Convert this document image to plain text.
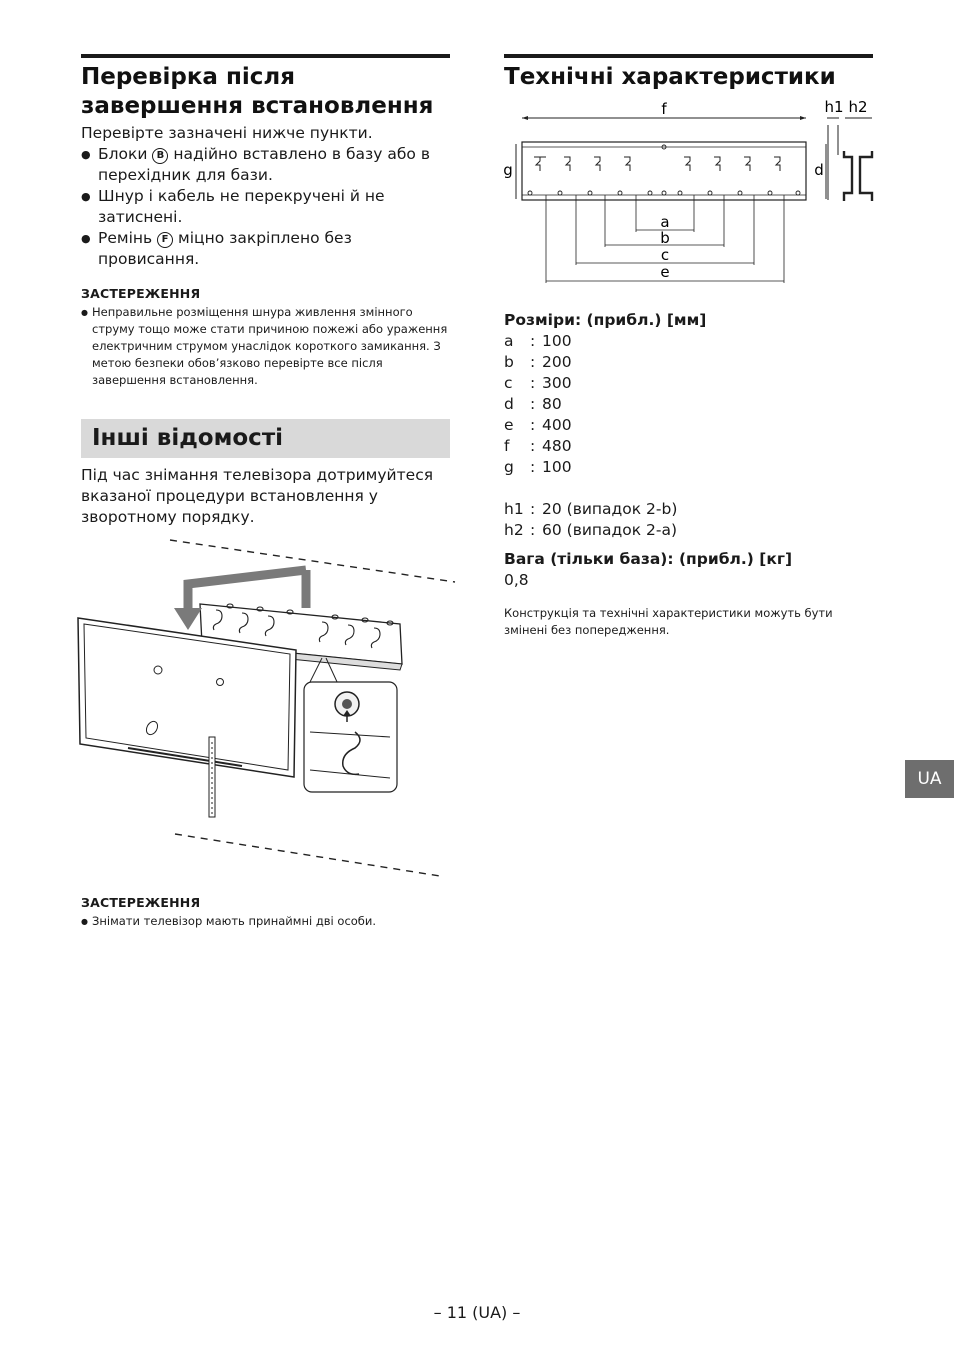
Перевірка після завершення встановлення
Перевірте зазначені нижче пункти.
● Блоки B надійно вставлено в базу або в перехідник для бази.
● Шнур і кабель не перекручені й не затиснені.
● Ремінь F міцно закріплено без провисання.
ЗАСТЕРЕЖЕННЯ
● Неправильне розміщення шнура живлення змінного струму тощо може стати причиною пожежі або ураження електричним струмом унаслідок короткого замикання. З метою безпеки обов’язково перевірте все після завершення встановлення.
Інші відомості
Під час знімання телевізора дотримуйтеся вказаної процедури встановлення у зворотному порядку.
ЗАСТЕРЕЖЕННЯ
● Знімати телевізор мають принаймні дві особи.
Технічні характеристики
f
g
a
b
c
e
h1 h2
d
Розміри: (прибл.) [мм]
a	: 100
b	: 200
c	: 300
d	: 80
e	: 400
f	: 480
g	: 100
h1 : 20 (випадок 2-b)
h2 : 60 (випадок 2-a)
Вага (тільки база): (прибл.) [кг]
0,8
Конструкція та технічні характеристики можуть бути змінені без попередження.
UA
– 11 (UA) –
